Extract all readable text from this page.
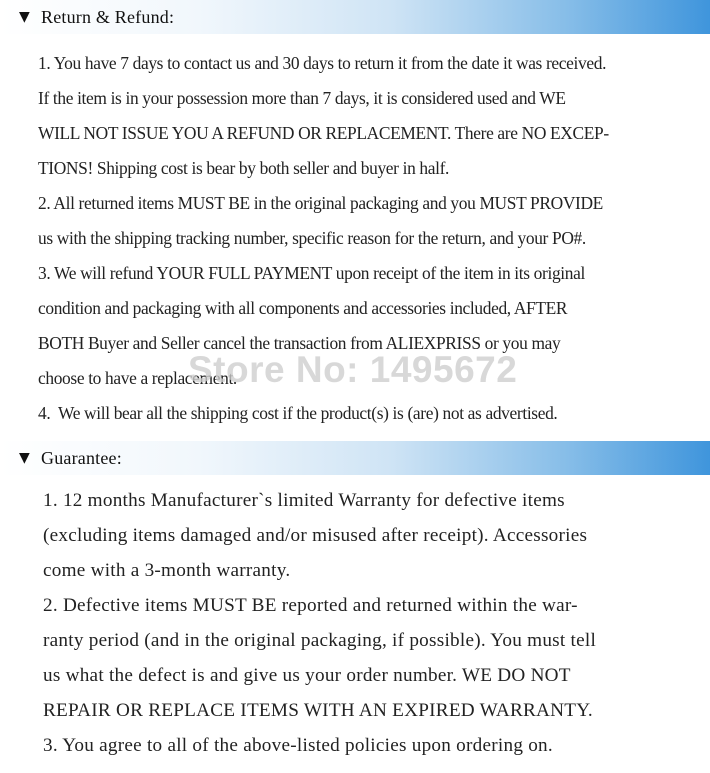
▼ Return & Refund:

1. You have 7 days to contact us and 30 days to return it from the date it was received.

If the item is in your possession more than 7 days, it is considered used and WE

WILL NOT ISSUE YOU A REFUND OR REPLACEMENT. There are NO EXCEP-

TIONS! Shipping cost is bear by both seller and buyer in half.

2. All returned items MUST BE in the original packaging and you MUST PROVIDE

us with the shipping tracking number, specific reason for the return, and your PO#.

3. We will refund YOUR FULL PAYMENT upon receipt of the item in its original

condition and packaging with all components and accessories included, AFTER

BOTH Buyer and Seller cancel the transaction from ALIEXPRISS or you may

choose to have a replacement.

4.  We will bear all the shipping cost if the product(s) is (are) not as advertised.

Store No: 1495672
▼ Guarantee:

1. 12 months Manufacturer`s limited Warranty for defective items

(excluding items damaged and/or misused after receipt). Accessories

come with a 3-month warranty.

2. Defective items MUST BE reported and returned within the war-

ranty period (and in the original packaging, if possible). You must tell

us what the defect is and give us your order number. WE DO NOT

REPAIR OR REPLACE ITEMS WITH AN EXPIRED WARRANTY.

3. You agree to all of the above-listed policies upon ordering on.
